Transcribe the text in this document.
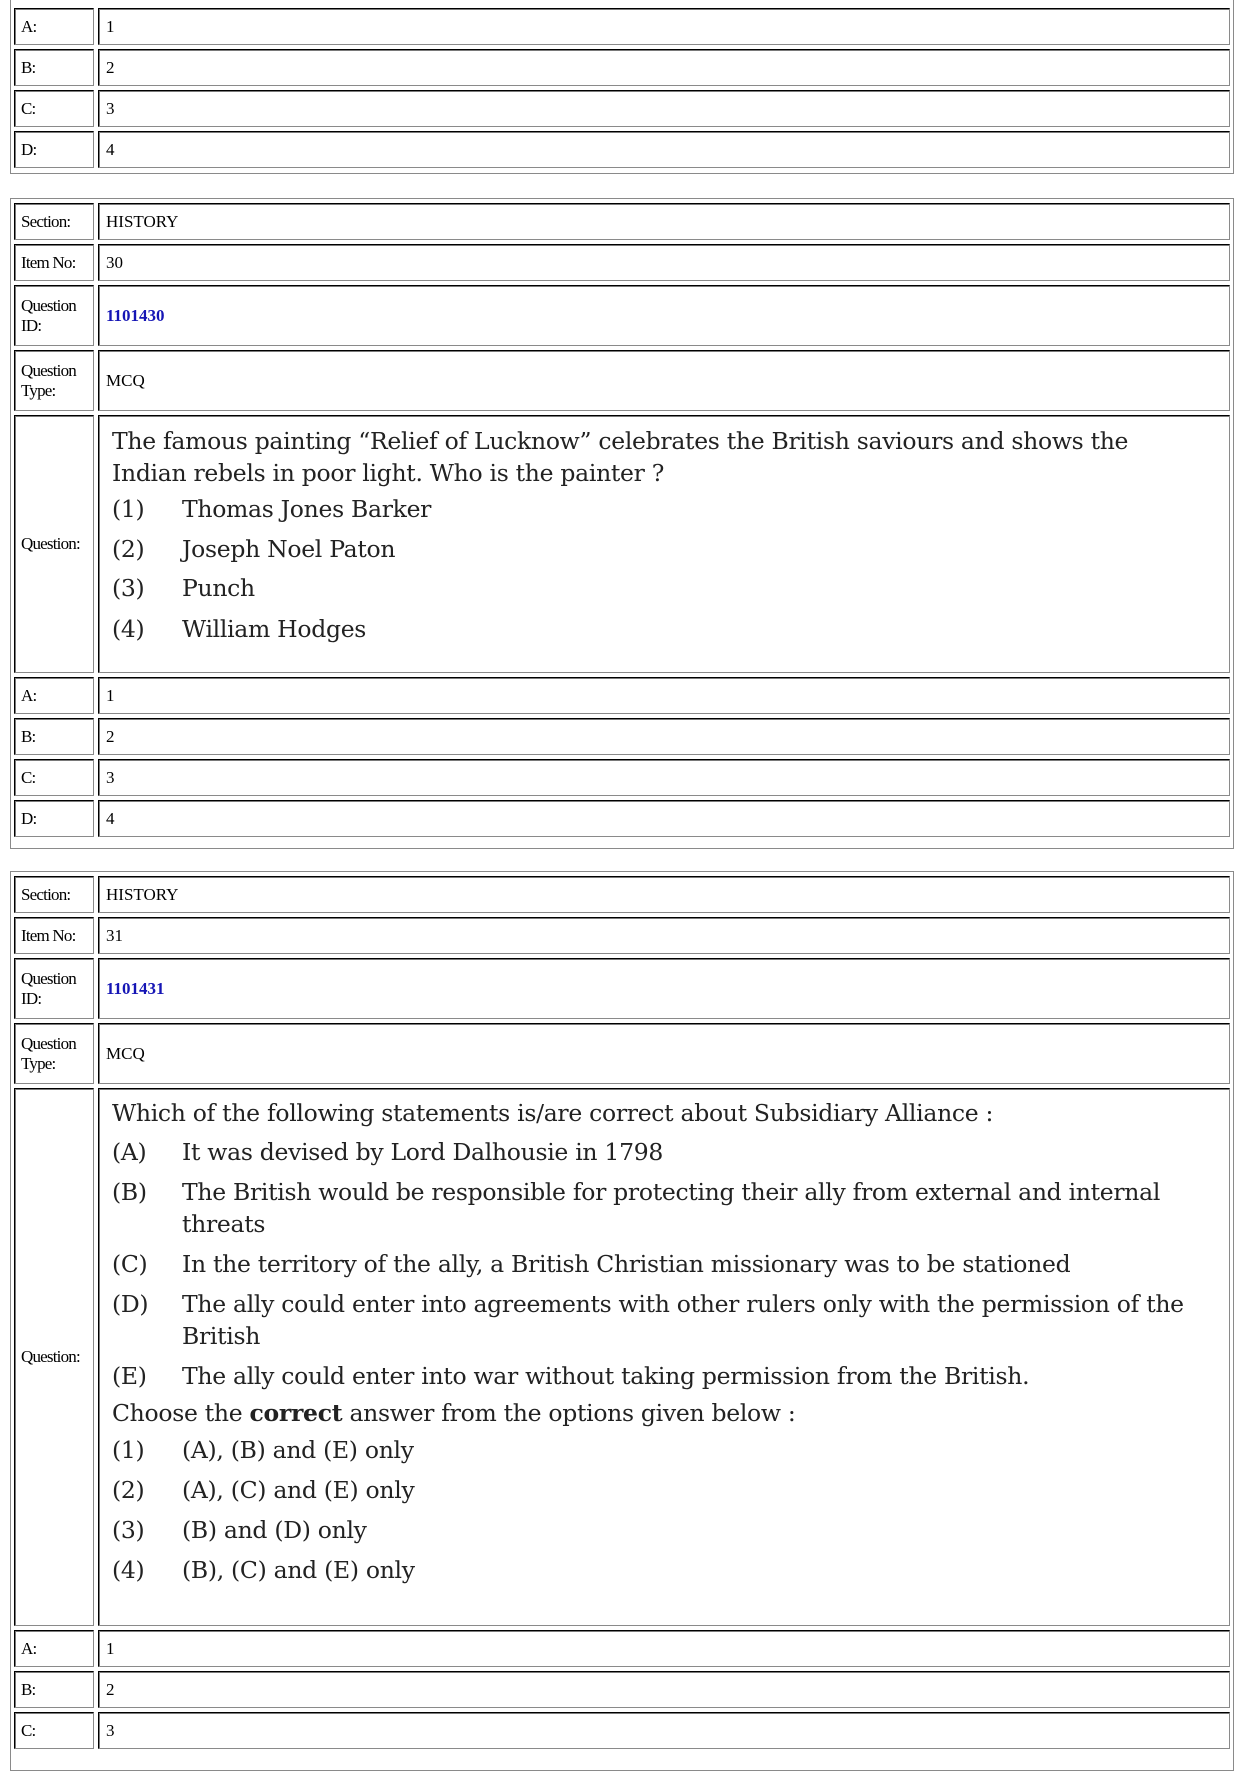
A:	1
B:	2
C:	3
D:	4
Section:	HISTORY
Item No:	30
Question ID:
1101430
Question Type:
MCQ
Question:
The famous painting “Relief of Lucknow” celebrates the British saviours and shows the
Indian rebels in poor light. Who is the painter ?
(1) Thomas Jones Barker
(2) Joseph Noel Paton
(3) Punch
(4) William Hodges
A:	1
B:	2
C:	3
D:	4
Section:	HISTORY
Item No:	31
Question ID:
1101431
Question Type:
MCQ
Question:
Which of the following statements is/are correct about Subsidiary Alliance :
(A) It was devised by Lord Dalhousie in 1798
(B) The British would be responsible for protecting their ally from external and internal threats
(C) In the territory of the ally, a British Christian missionary was to be stationed
(D) The ally could enter into agreements with other rulers only with the permission of the British
(E) The ally could enter into war without taking permission from the British.
Choose the correct answer from the options given below :
(1) (A), (B) and (E) only
(2) (A), (C) and (E) only
(3) (B) and (D) only
(4) (B), (C) and (E) only
A:	1
B:	2
C:	3
